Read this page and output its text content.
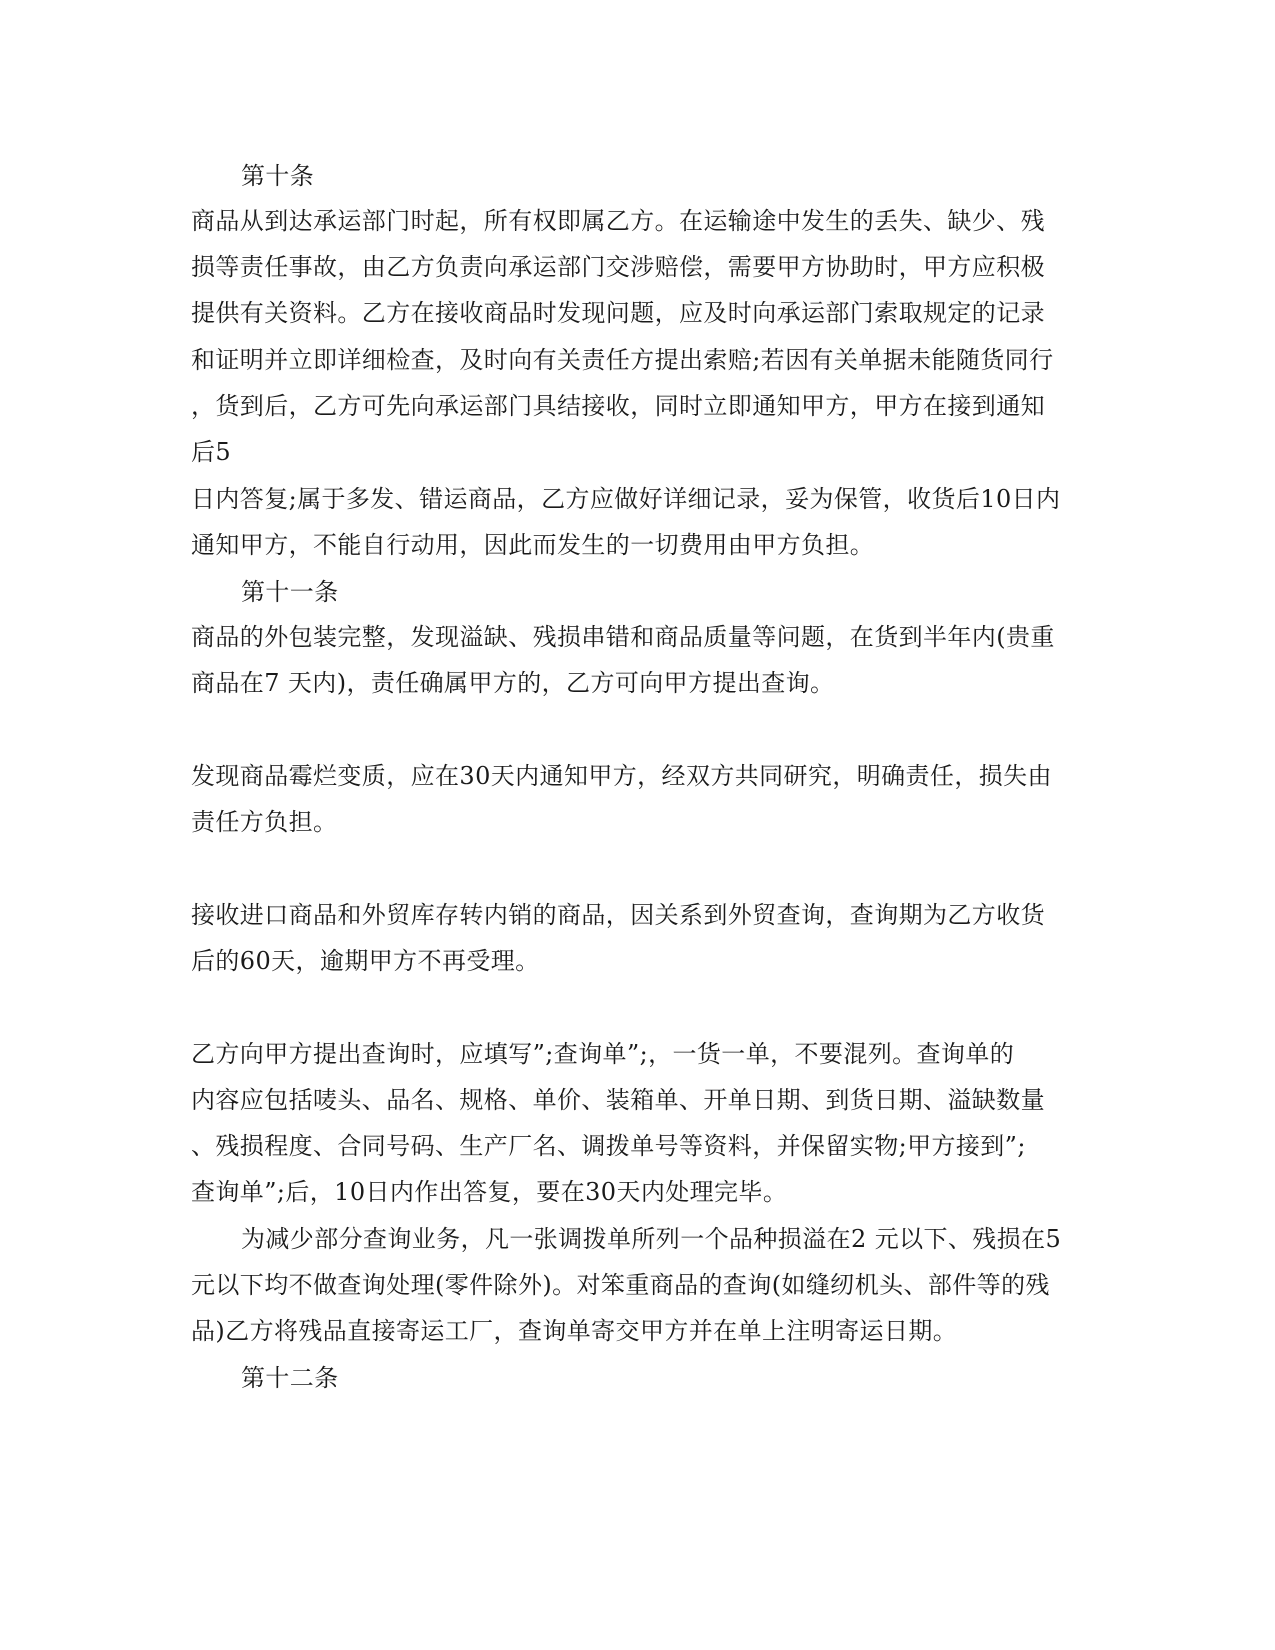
第十条
商品从到达承运部门时起，所有权即属乙方。在运输途中发生的丢失、缺少、残
损等责任事故，由乙方负责向承运部门交涉赔偿，需要甲方协助时，甲方应积极
提供有关资料。乙方在接收商品时发现问题，应及时向承运部门索取规定的记录
和证明并立即详细检查，及时向有关责任方提出索赔;若因有关单据未能随货同行
，货到后，乙方可先向承运部门具结接收，同时立即通知甲方，甲方在接到通知
后5
日内答复;属于多发、错运商品，乙方应做好详细记录，妥为保管，收货后10日内
通知甲方，不能自行动用，因此而发生的一切费用由甲方负担。
第十一条
商品的外包装完整，发现溢缺、残损串错和商品质量等问题，在货到半年内(贵重
商品在7 天内)，责任确属甲方的，乙方可向甲方提出查询。
发现商品霉烂变质，应在30天内通知甲方，经双方共同研究，明确责任，损失由
责任方负担。
接收进口商品和外贸库存转内销的商品，因关系到外贸查询，查询期为乙方收货
后的60天，逾期甲方不再受理。
乙方向甲方提出查询时，应填写”;查询单”;，一货一单，不要混列。查询单的
内容应包括唛头、品名、规格、单价、装箱单、开单日期、到货日期、溢缺数量
、残损程度、合同号码、生产厂名、调拨单号等资料，并保留实物;甲方接到”;
查询单”;后，10日内作出答复，要在30天内处理完毕。
为减少部分查询业务，凡一张调拨单所列一个品种损溢在2 元以下、残损在5
元以下均不做查询处理(零件除外)。对笨重商品的查询(如缝纫机头、部件等的残
品)乙方将残品直接寄运工厂，查询单寄交甲方并在单上注明寄运日期。
第十二条
